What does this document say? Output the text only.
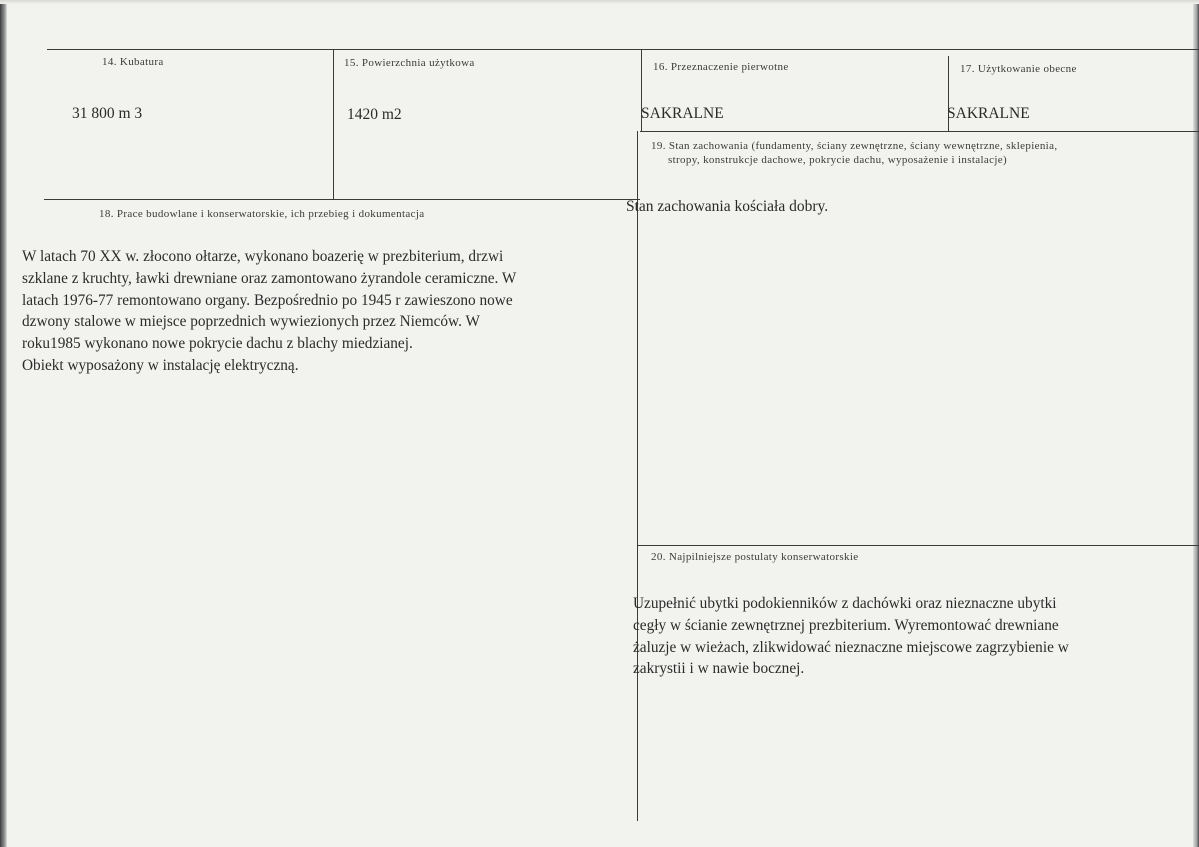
14. Kubatura
31 800 m 3
15. Powierzchnia użytkowa
1420 m2
16. Przeznaczenie pierwotne
SAKRALNE
17. Użytkowanie obecne
SAKRALNE
19. Stan zachowania (fundamenty, ściany zewnętrzne, ściany wewnętrzne, sklepienia,
stropy, konstrukcje dachowe, pokrycie dachu, wyposażenie i instalacje)
Stan zachowania kościała dobry.
18. Prace budowlane i konserwatorskie, ich przebieg i dokumentacja
W latach 70 XX w. złocono ołtarze, wykonano boazerię w prezbiterium, drzwi
szklane z kruchty, ławki drewniane oraz zamontowano żyrandole ceramiczne. W
latach 1976-77 remontowano organy. Bezpośrednio po 1945 r zawieszono nowe
dzwony stalowe w miejsce poprzednich wywiezionych przez Niemców. W
roku1985 wykonano nowe pokrycie dachu z blachy miedzianej.
Obiekt wyposażony w instalację elektryczną.
20. Najpilniejsze postulaty konserwatorskie
Uzupełnić ubytki podokienników z dachówki oraz nieznaczne ubytki
cegły w ścianie zewnętrznej prezbiterium. Wyremontować drewniane
żaluzje w wieżach, zlikwidować nieznaczne miejscowe zagrzybienie w
zakrystii i w nawie bocznej.
